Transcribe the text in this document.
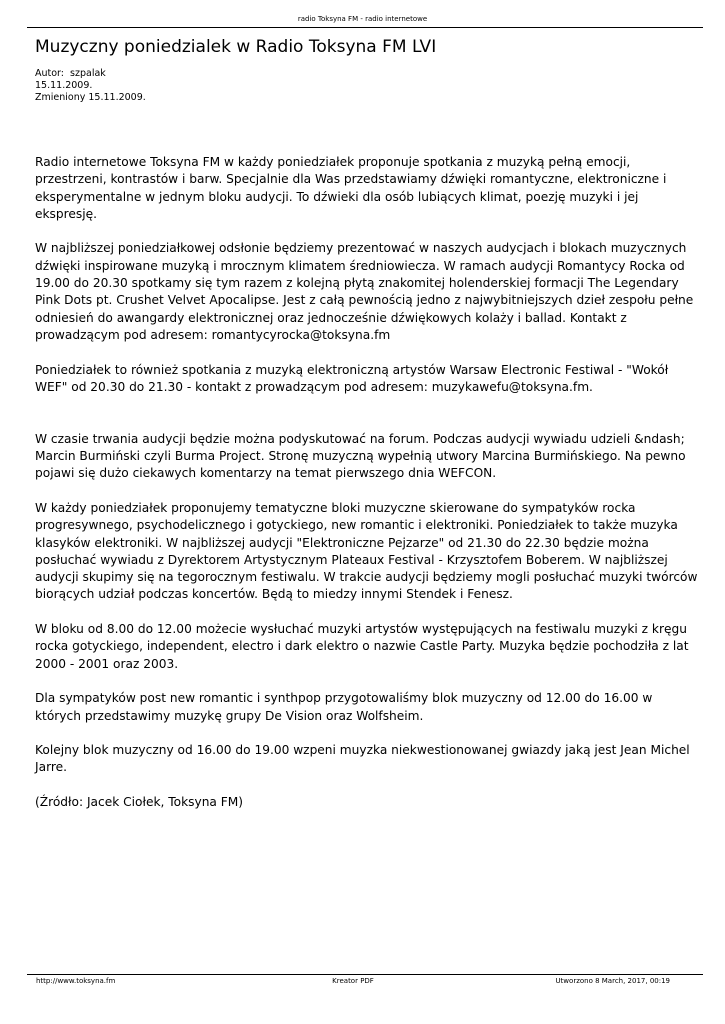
radio Toksyna FM - radio internetowe
Muzyczny poniedzialek w Radio Toksyna FM LVI
Autor:  szpalak
15.11.2009.
Zmieniony 15.11.2009.

Radio internetowe Toksyna FM w każdy poniedziałek proponuje spotkania z muzyką pełną emocji, przestrzeni, kontrastów i barw. Specjalnie dla Was przedstawiamy dźwięki romantyczne, elektroniczne i eksperymentalne w jednym bloku audycji. To dźwieki dla osób lubiących klimat, poezję muzyki i jej ekspresję.

W najbliższej poniedziałkowej odsłonie będziemy prezentować w naszych audycjach i blokach muzycznych dźwięki inspirowane muzyką i mrocznym klimatem średniowiecza. W ramach audycji Romantycy Rocka od 19.00 do 20.30 spotkamy się tym razem z kolejną płytą znakomitej holenderskiej formacji The Legendary Pink Dots pt. Crushet Velvet Apocalipse. Jest z całą pewnością jedno z najwybitniejszych dzieł zespołu pełne odniesień do awangardy elektronicznej oraz jednocześnie dźwiękowych kolaży i ballad. Kontakt z prowadzącym pod adresem: romantycyrocka@toksyna.fm

Poniedziałek to również spotkania z muzyką elektroniczną artystów Warsaw Electronic Festiwal - "Wokół WEF" od 20.30 do 21.30 - kontakt z prowadzącym pod adresem: muzykawefu@toksyna.fm.

W czasie trwania audycji będzie można podyskutować na forum. Podczas audycji wywiadu udzieli &ndash; Marcin Burmiński czyli Burma Project. Stronę muzyczną wypełnią utwory Marcina Burmińskiego. Na pewno pojawi się dużo ciekawych komentarzy na temat pierwszego dnia WEFCON.

W każdy poniedziałek proponujemy tematyczne bloki muzyczne skierowane do sympatyków rocka progresywnego, psychodelicznego i gotyckiego, new romantic i elektroniki. Poniedziałek to także muzyka klasyków elektroniki. W najbliższej audycji "Elektroniczne Pejzarze" od 21.30 do 22.30 będzie można posłuchać wywiadu z Dyrektorem Artystycznym Plateaux Festival - Krzysztofem Boberem. W najbliższej audycji skupimy się na tegorocznym festiwalu. W trakcie audycji będziemy mogli posłuchać muzyki twórców biorących udział podczas koncertów. Będą to miedzy innymi Stendek i Fenesz.

W bloku od 8.00 do 12.00 możecie wysłuchać muzyki artystów występujących na festiwalu muzyki z kręgu rocka gotyckiego, independent, electro i dark elektro o nazwie Castle Party. Muzyka będzie pochodziła z lat 2000 - 2001 oraz 2003.

Dla sympatyków post new romantic i synthpop przygotowaliśmy blok muzyczny od 12.00 do 16.00 w których przedstawimy muzykę grupy De Vision oraz Wolfsheim.

Kolejny blok muzyczny od 16.00 do 19.00 wzpeni muyzka niekwestionowanej gwiazdy jaką jest Jean Michel Jarre.

(Źródło: Jacek Ciołek, Toksyna FM)

http://www.toksyna.fm	Kreator PDF	Utworzono 8 March, 2017, 00:19
